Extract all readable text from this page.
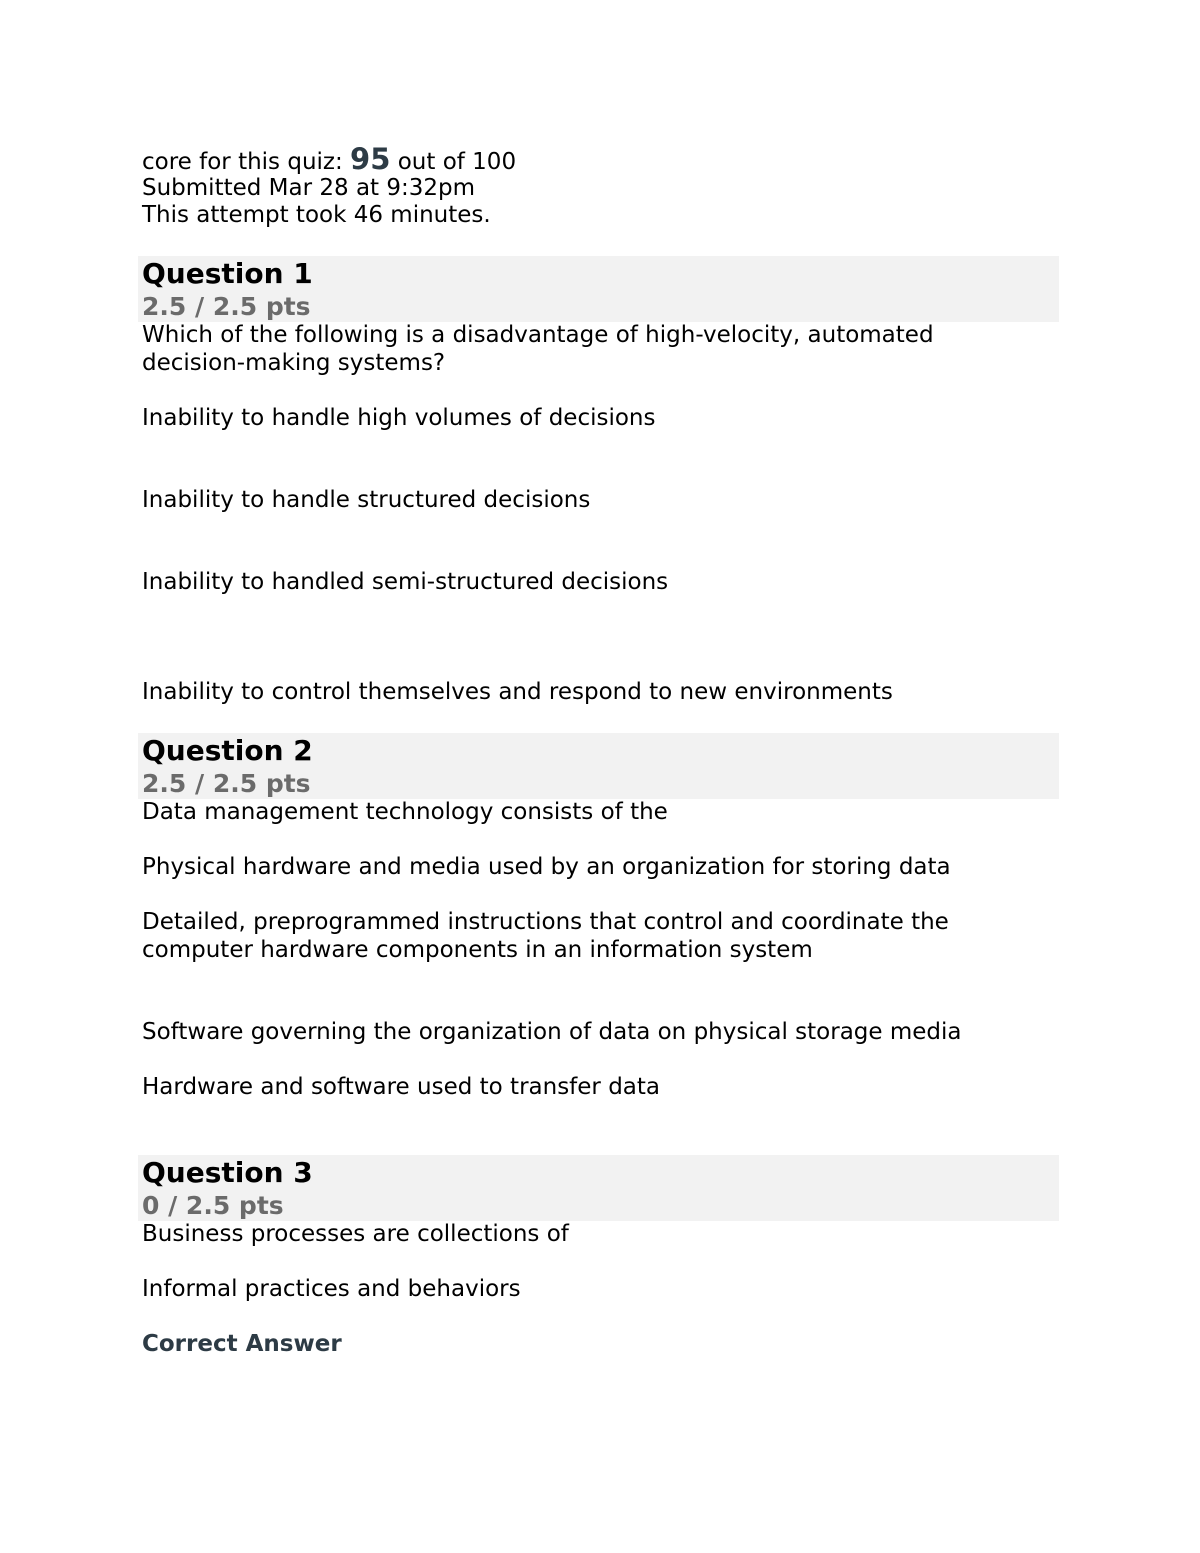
core for this quiz: 95 out of 100

Submitted Mar 28 at 9:32pm

This attempt took 46 minutes.

Question 1
2.5 / 2.5 pts

Which of the following is a disadvantage of high-velocity, automated

decision-making systems?

Inability to handle high volumes of decisions

Inability to handle structured decisions

Inability to handled semi-structured decisions

Inability to control themselves and respond to new environments

Question 2
2.5 / 2.5 pts

Data management technology consists of the

Physical hardware and media used by an organization for storing data

Detailed, preprogrammed instructions that control and coordinate the

computer hardware components in an information system

Software governing the organization of data on physical storage media

Hardware and software used to transfer data

Question 3
0 / 2.5 pts

Business processes are collections of

Informal practices and behaviors

Correct Answer
